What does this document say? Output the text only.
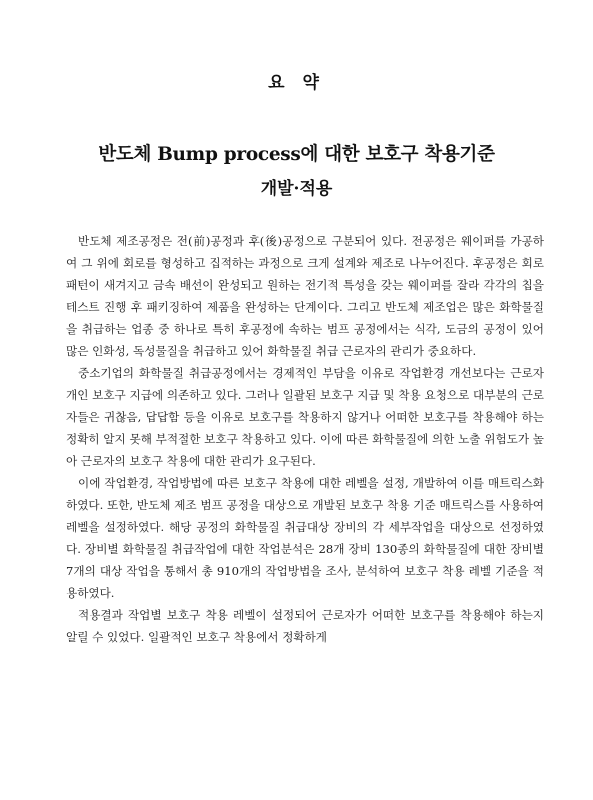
요 약
반도체 Bump process에 대한 보호구 착용기준
개발·적용

반도체 제조공정은 전(前)공정과 후(後)공정으로 구분되어 있다. 전공정은 웨이퍼를 가공하여 그 위에 회로를 형성하고 집적하는 과정으로 크게 설계와 제조로 나누어진다. 후공정은 회로패턴이 새겨지고 금속 배선이 완성되고 원하는 전기적 특성을 갖는 웨이퍼를 잘라 각각의 칩을 테스트 진행 후 패키징하여 제품을 완성하는 단계이다. 그리고 반도체 제조업은 많은 화학물질을 취급하는 업종 중 하나로 특히 후공정에 속하는 범프 공정에서는 식각, 도금의 공정이 있어 많은 인화성, 독성물질을 취급하고 있어 화학물질 취급 근로자의 관리가 중요하다.

중소기업의 화학물질 취급공정에서는 경제적인 부담을 이유로 작업환경 개선보다는 근로자 개인 보호구 지급에 의존하고 있다. 그러나 일괄된 보호구 지급 및 착용 요청으로 대부분의 근로자들은 귀찮음, 답답함 등을 이유로 보호구를 착용하지 않거나 어떠한 보호구를 착용해야 하는 정확히 알지 못해 부적절한 보호구 착용하고 있다. 이에 따른 화학물질에 의한 노출 위험도가 높아 근로자의 보호구 착용에 대한 관리가 요구된다.

이에 작업환경, 작업방법에 따른 보호구 착용에 대한 레벨을 설정, 개발하여 이를 매트릭스화 하였다. 또한, 반도체 제조 범프 공정을 대상으로 개발된 보호구 착용 기준 매트릭스를 사용하여 레벨을 설정하였다. 해당 공정의 화학물질 취급대상 장비의 각 세부작업을 대상으로 선정하였다. 장비별 화학물질 취급작업에 대한 작업분석은 28개 장비 130종의 화학물질에 대한 장비별 7개의 대상 작업을 통해서 총 910개의 작업방법을 조사, 분석하여 보호구 착용 레벨 기준을 적용하였다.

적용결과 작업별 보호구 착용 레벨이 설정되어 근로자가 어떠한 보호구를 착용해야 하는지 알릴 수 있었다. 일괄적인 보호구 착용에서 정확하게
